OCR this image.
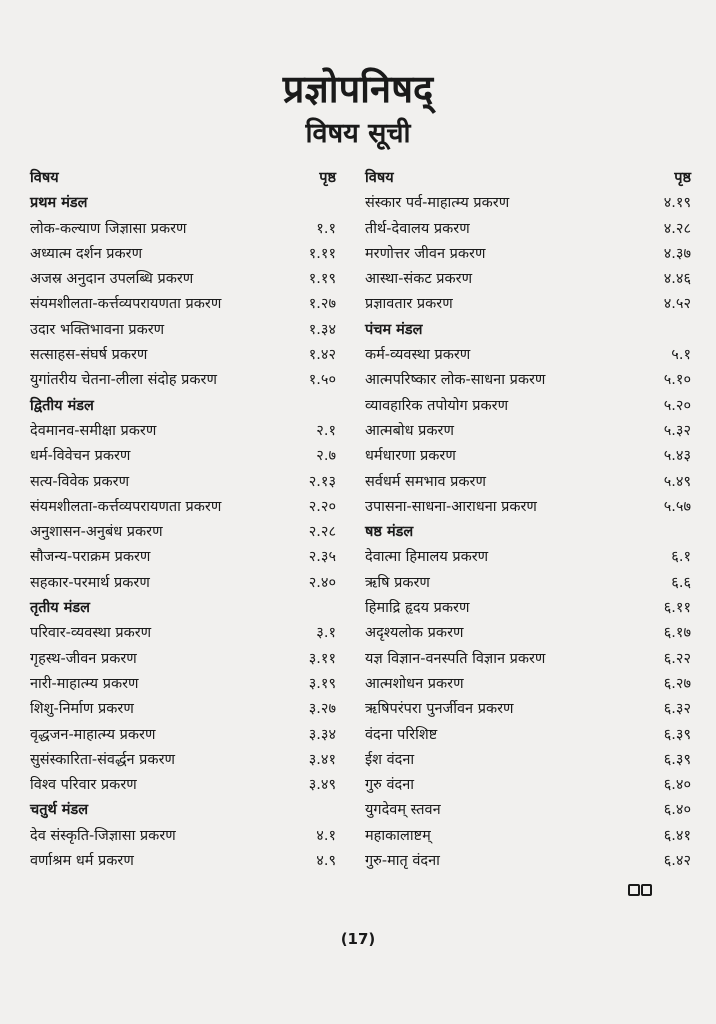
प्रज्ञोपनिषद्
विषय सूची
विषय	पृष्ठ
प्रथम मंडल
लोक-कल्याण जिज्ञासा प्रकरण	१.१
अध्यात्म दर्शन प्रकरण	१.११
अजस्र अनुदान उपलब्धि प्रकरण	१.१९
संयमशीलता-कर्त्तव्यपरायणता प्रकरण	१.२७
उदार भक्तिभावना प्रकरण	१.३४
सत्साहस-संघर्ष प्रकरण	१.४२
युगांतरीय चेतना-लीला संदोह प्रकरण	१.५०
द्वितीय मंडल
देवमानव-समीक्षा प्रकरण	२.१
धर्म-विवेचन प्रकरण	२.७
सत्य-विवेक प्रकरण	२.१३
संयमशीलता-कर्त्तव्यपरायणता प्रकरण	२.२०
अनुशासन-अनुबंध प्रकरण	२.२८
सौजन्य-पराक्रम प्रकरण	२.३५
सहकार-परमार्थ प्रकरण	२.४०
तृतीय मंडल
परिवार-व्यवस्था प्रकरण	३.१
गृहस्थ-जीवन प्रकरण	३.११
नारी-माहात्म्य प्रकरण	३.१९
शिशु-निर्माण प्रकरण	३.२७
वृद्धजन-माहात्म्य प्रकरण	३.३४
सुसंस्कारिता-संवर्द्धन प्रकरण	३.४१
विश्व परिवार प्रकरण	३.४९
चतुर्थ मंडल
देव संस्कृति-जिज्ञासा प्रकरण	४.१
वर्णाश्रम धर्म प्रकरण	४.९
विषय	पृष्ठ
संस्कार पर्व-माहात्म्य प्रकरण	४.१९
तीर्थ-देवालय प्रकरण	४.२८
मरणोत्तर जीवन प्रकरण	४.३७
आस्था-संकट प्रकरण	४.४६
प्रज्ञावतार प्रकरण	४.५२
पंचम मंडल
कर्म-व्यवस्था प्रकरण	५.१
आत्मपरिष्कार लोक-साधना प्रकरण	५.१०
व्यावहारिक तपोयोग प्रकरण	५.२०
आत्मबोध प्रकरण	५.३२
धर्मधारणा प्रकरण	५.४३
सर्वधर्म समभाव प्रकरण	५.४९
उपासना-साधना-आराधना प्रकरण	५.५७
षष्ठ मंडल
देवात्मा हिमालय प्रकरण	६.१
ऋषि प्रकरण	६.६
हिमाद्रि हृदय प्रकरण	६.११
अदृश्यलोक प्रकरण	६.१७
यज्ञ विज्ञान-वनस्पति विज्ञान प्रकरण	६.२२
आत्मशोधन प्रकरण	६.२७
ऋषिपरंपरा पुनर्जीवन प्रकरण	६.३२
वंदना परिशिष्ट	६.३९
ईश वंदना	६.३९
गुरु वंदना	६.४०
युगदेवम् स्तवन	६.४०
महाकालाष्टम्	६.४१
गुरु-मातृ वंदना	६.४२
(17)
